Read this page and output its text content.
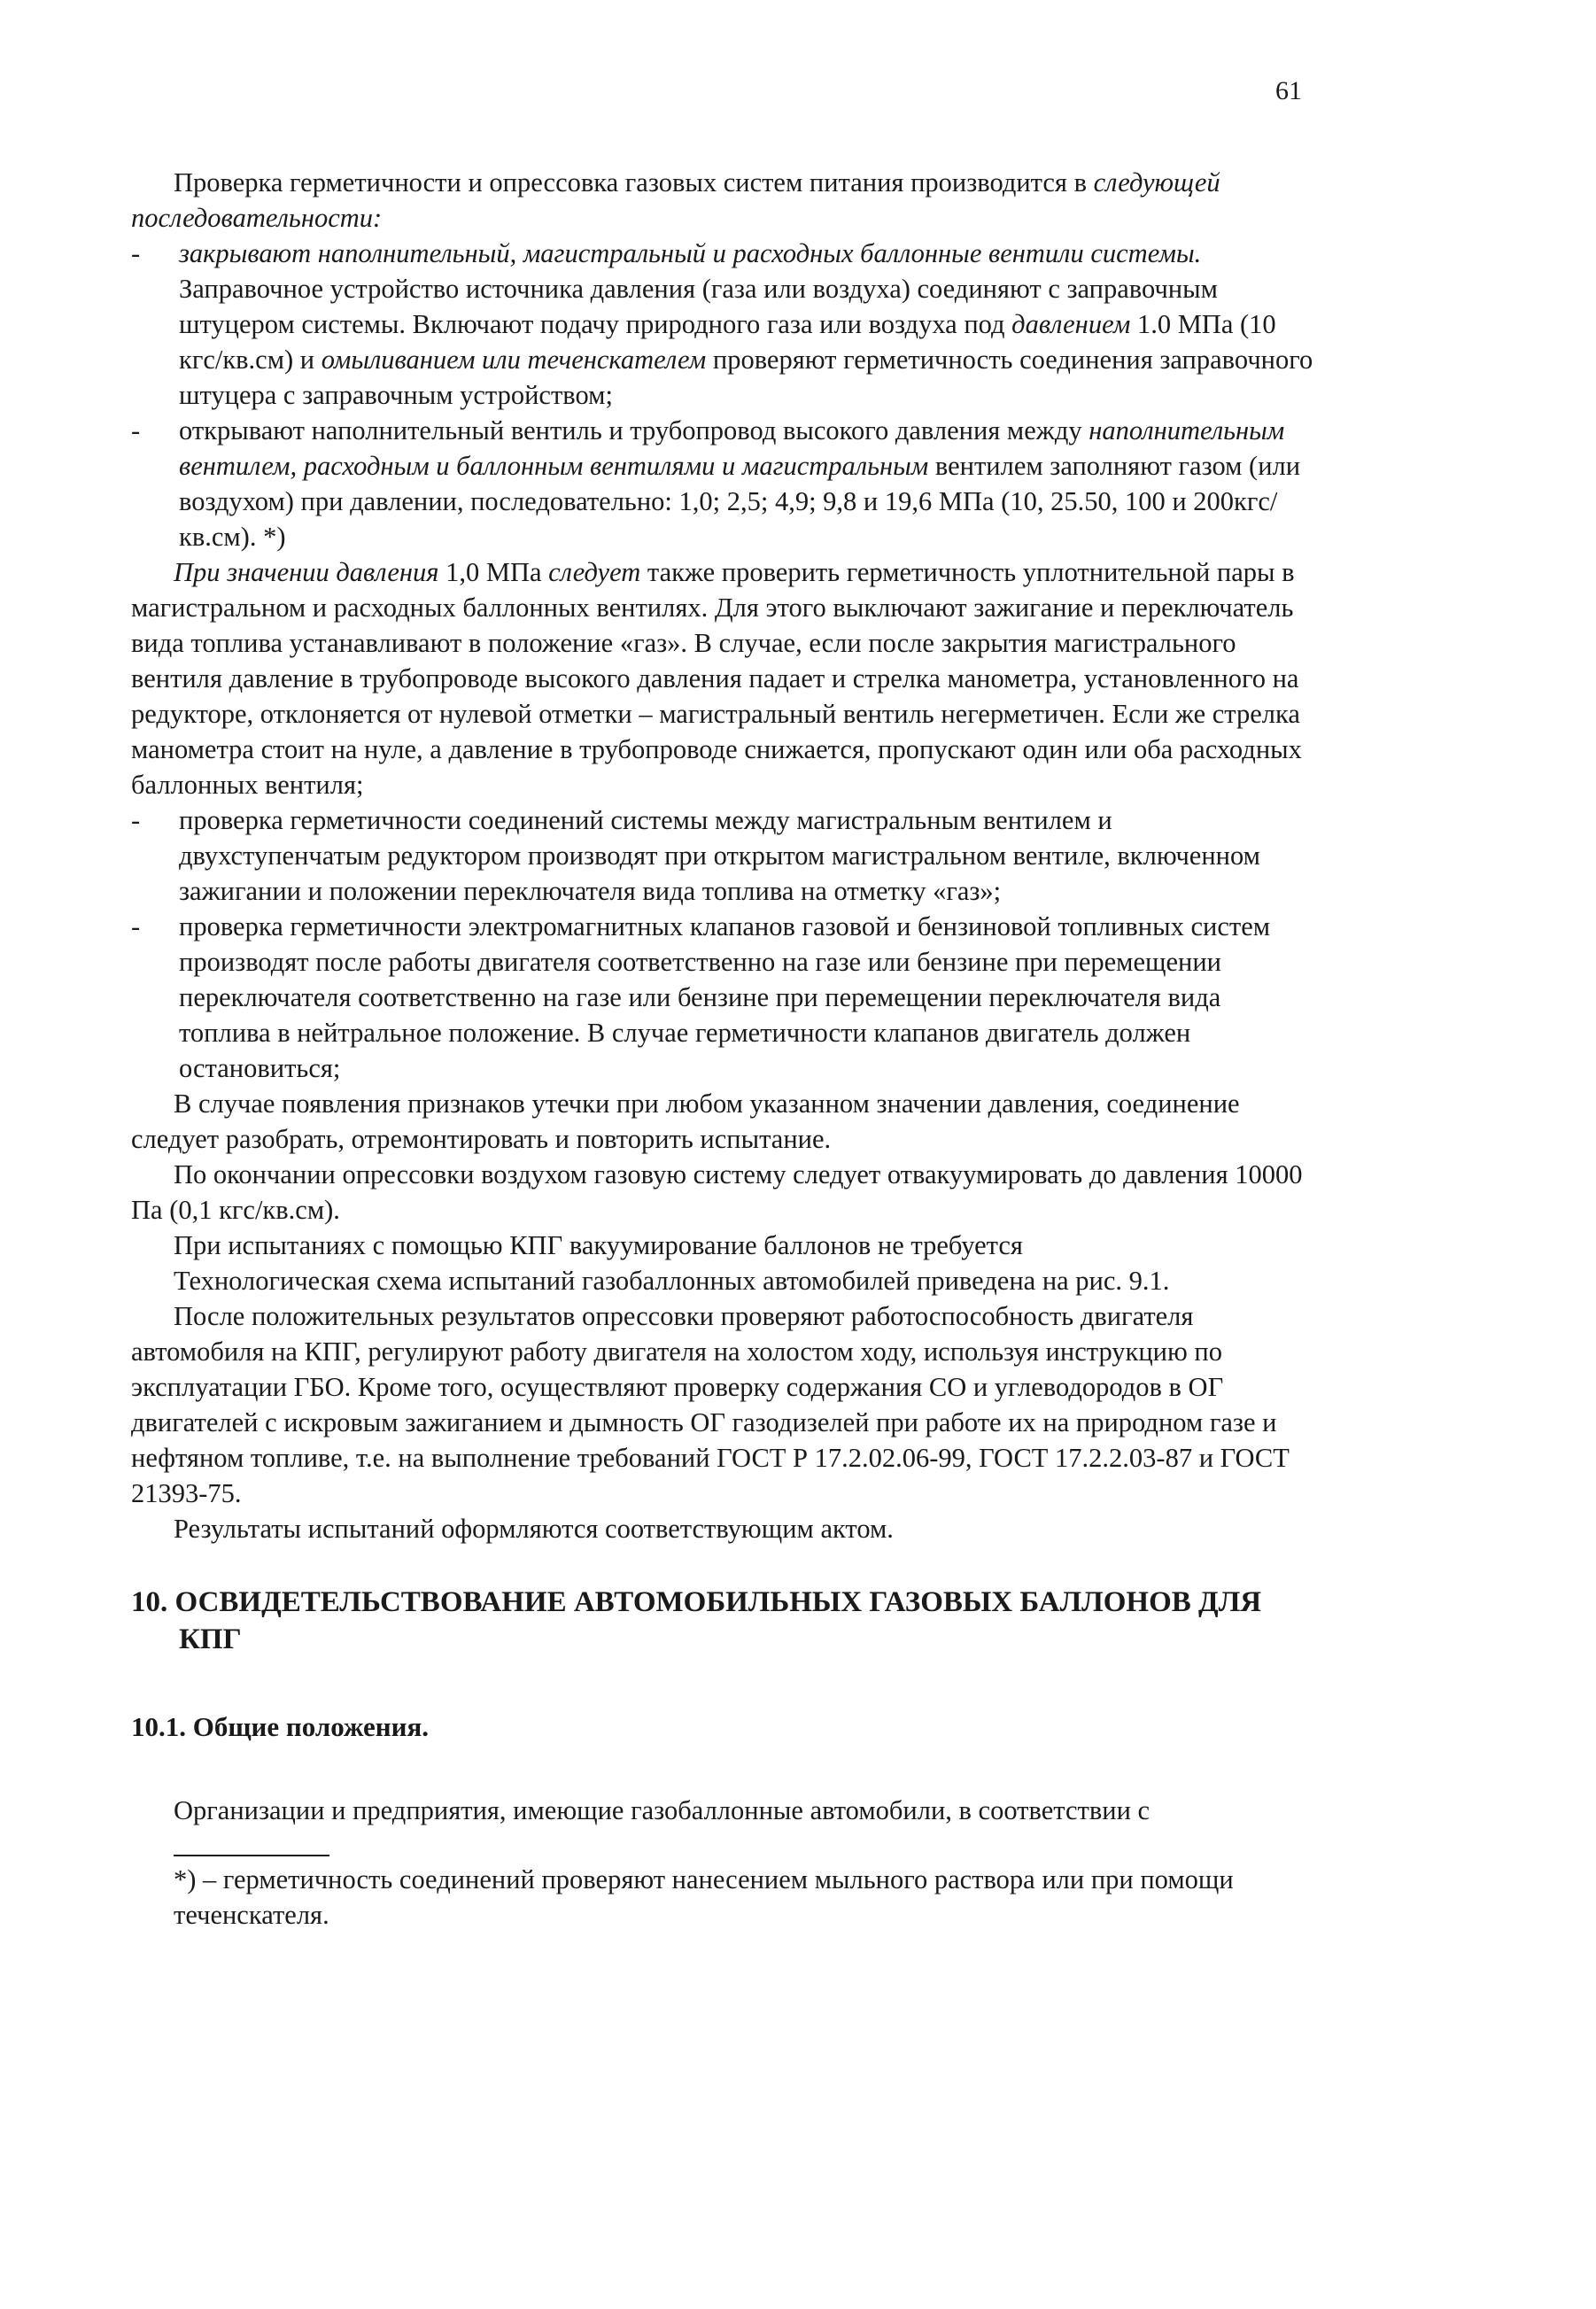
61

Проверка герметичности и опрессовка газовых систем питания производится в следующей последовательности:

- закрывают наполнительный, магистральный и расходных баллонные вентили системы. Заправочное устройство источника давления (газа или воздуха) соединяют с заправочным штуцером системы. Включают подачу природного газа или воздуха под давлением 1.0 МПа (10 кгс/кв.см) и омыливанием или теченскателем проверяют герметичность соединения заправочного штуцера с заправочным устройством;

- открывают наполнительный вентиль и трубопровод высокого давления между наполнительным вентилем, расходным и баллонным вентилями и магистральным вентилем заполняют газом (или воздухом) при давлении, последовательно: 1,0; 2,5; 4,9; 9,8 и 19,6 МПа (10, 25.50, 100 и 200кгс/кв.см). *)

При значении давления 1,0 МПа следует также проверить герметичность уплотнительной пары в магистральном и расходных баллонных вентилях. Для этого выключают зажигание и переключатель вида топлива устанавливают в положение «газ». В случае, если после закрытия магистрального вентиля давление в трубопроводе высокого давления падает и стрелка манометра, установленного на редукторе, отклоняется от нулевой отметки – магистральный вентиль негерметичен. Если же стрелка манометра стоит на нуле, а давление в трубопроводе снижается, пропускают один или оба расходных баллонных вентиля;

- проверка герметичности соединений системы между магистральным вентилем и двухступенчатым редуктором производят при открытом магистральном вентиле, включенном зажигании и положении переключателя вида топлива на отметку «газ»;

- проверка герметичности электромагнитных клапанов газовой и бензиновой топливных систем производят после работы двигателя соответственно на газе или бензине при перемещении переключателя соответственно на газе или бензине при перемещении переключателя вида топлива в нейтральное положение. В случае герметичности клапанов двигатель должен остановиться;

В случае появления признаков утечки при любом указанном значении давления, соединение следует разобрать, отремонтировать и повторить испытание.

По окончании опрессовки воздухом газовую систему следует отвакуумировать до давления 10000 Па (0,1 кгс/кв.см).

При испытаниях с помощью КПГ вакуумирование баллонов не требуется

Технологическая схема испытаний газобаллонных автомобилей приведена на рис. 9.1.

После положительных результатов опрессовки проверяют работоспособность двигателя автомобиля на КПГ, регулируют работу двигателя на холостом ходу, используя инструкцию по эксплуатации ГБО. Кроме того, осуществляют проверку содержания СО и углеводородов в ОГ двигателей с искровым зажиганием и дымность ОГ газодизелей при работе их на природном газе и нефтяном топливе, т.е. на выполнение требований ГОСТ Р 17.2.02.06-99, ГОСТ 17.2.2.03-87 и ГОСТ 21393-75.

Результаты испытаний оформляются соответствующим актом.

10. ОСВИДЕТЕЛЬСТВОВАНИЕ АВТОМОБИЛЬНЫХ ГАЗОВЫХ БАЛЛОНОВ ДЛЯ КПГ
10.1. Общие положения.

Организации и предприятия, имеющие газобаллонные автомобили, в соответствии с

*) – герметичность соединений проверяют нанесением мыльного раствора или при помощи теченскателя.
